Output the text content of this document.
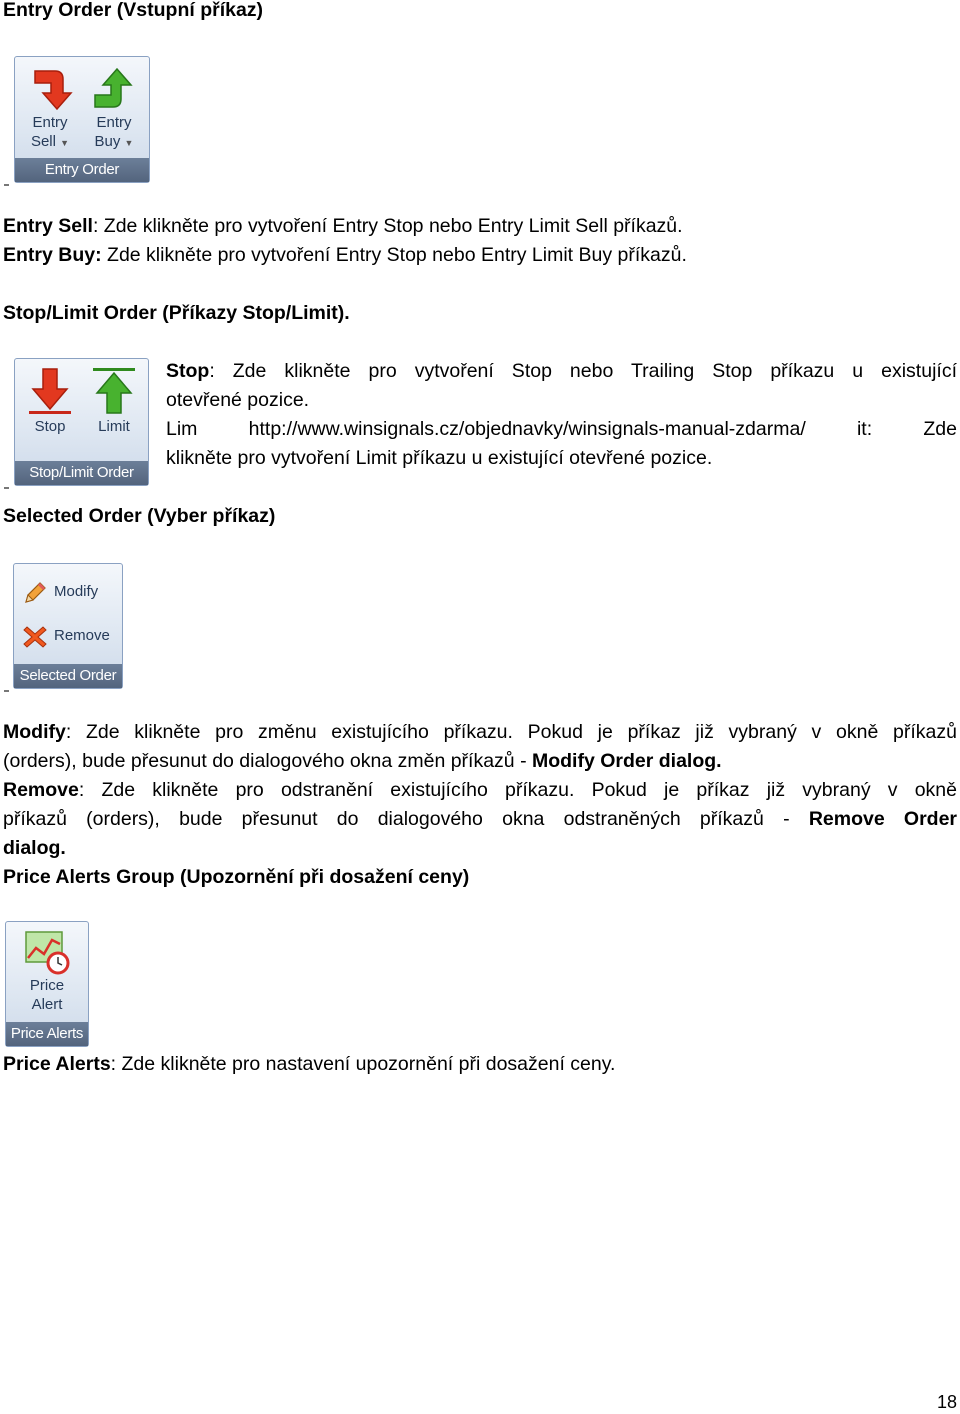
Entry Order (Vstupní příkaz)
Entry
Sell ▼
Entry
Buy ▼
Entry Order
Entry Sell: Zde klikněte pro vytvoření Entry Stop nebo Entry Limit Sell příkazů.
Entry Buy: Zde klikněte pro vytvoření Entry Stop nebo Entry Limit Buy příkazů.
Stop/Limit Order (Příkazy Stop/Limit).
Stop	Limit
Stop/Limit Order
Stop: Zde klikněte pro vytvoření Stop nebo Trailing Stop příkazu u existující
otevřené pozice.
Lim http://www.winsignals.cz/objednavky/winsignals-manual-zdarma/ it: Zde
klikněte pro vytvoření Limit příkazu u existující otevřené pozice.
Selected Order (Vyber příkaz)
Modify
Remove
Selected Order
Modify: Zde klikněte pro změnu existujícího příkazu. Pokud je příkaz již vybraný v okně příkazů
(orders), bude přesunut do dialogového okna změn příkazů - Modify Order dialog.
Remove: Zde klikněte pro odstranění existujícího příkazu. Pokud je příkaz již vybraný v okně
příkazů (orders), bude přesunut do dialogového okna odstraněných příkazů - Remove Order
dialog.
Price Alerts Group (Upozornění při dosažení ceny)
Price
Alert
Price Alerts
Price Alerts: Zde klikněte pro nastavení upozornění při dosažení ceny.
18
